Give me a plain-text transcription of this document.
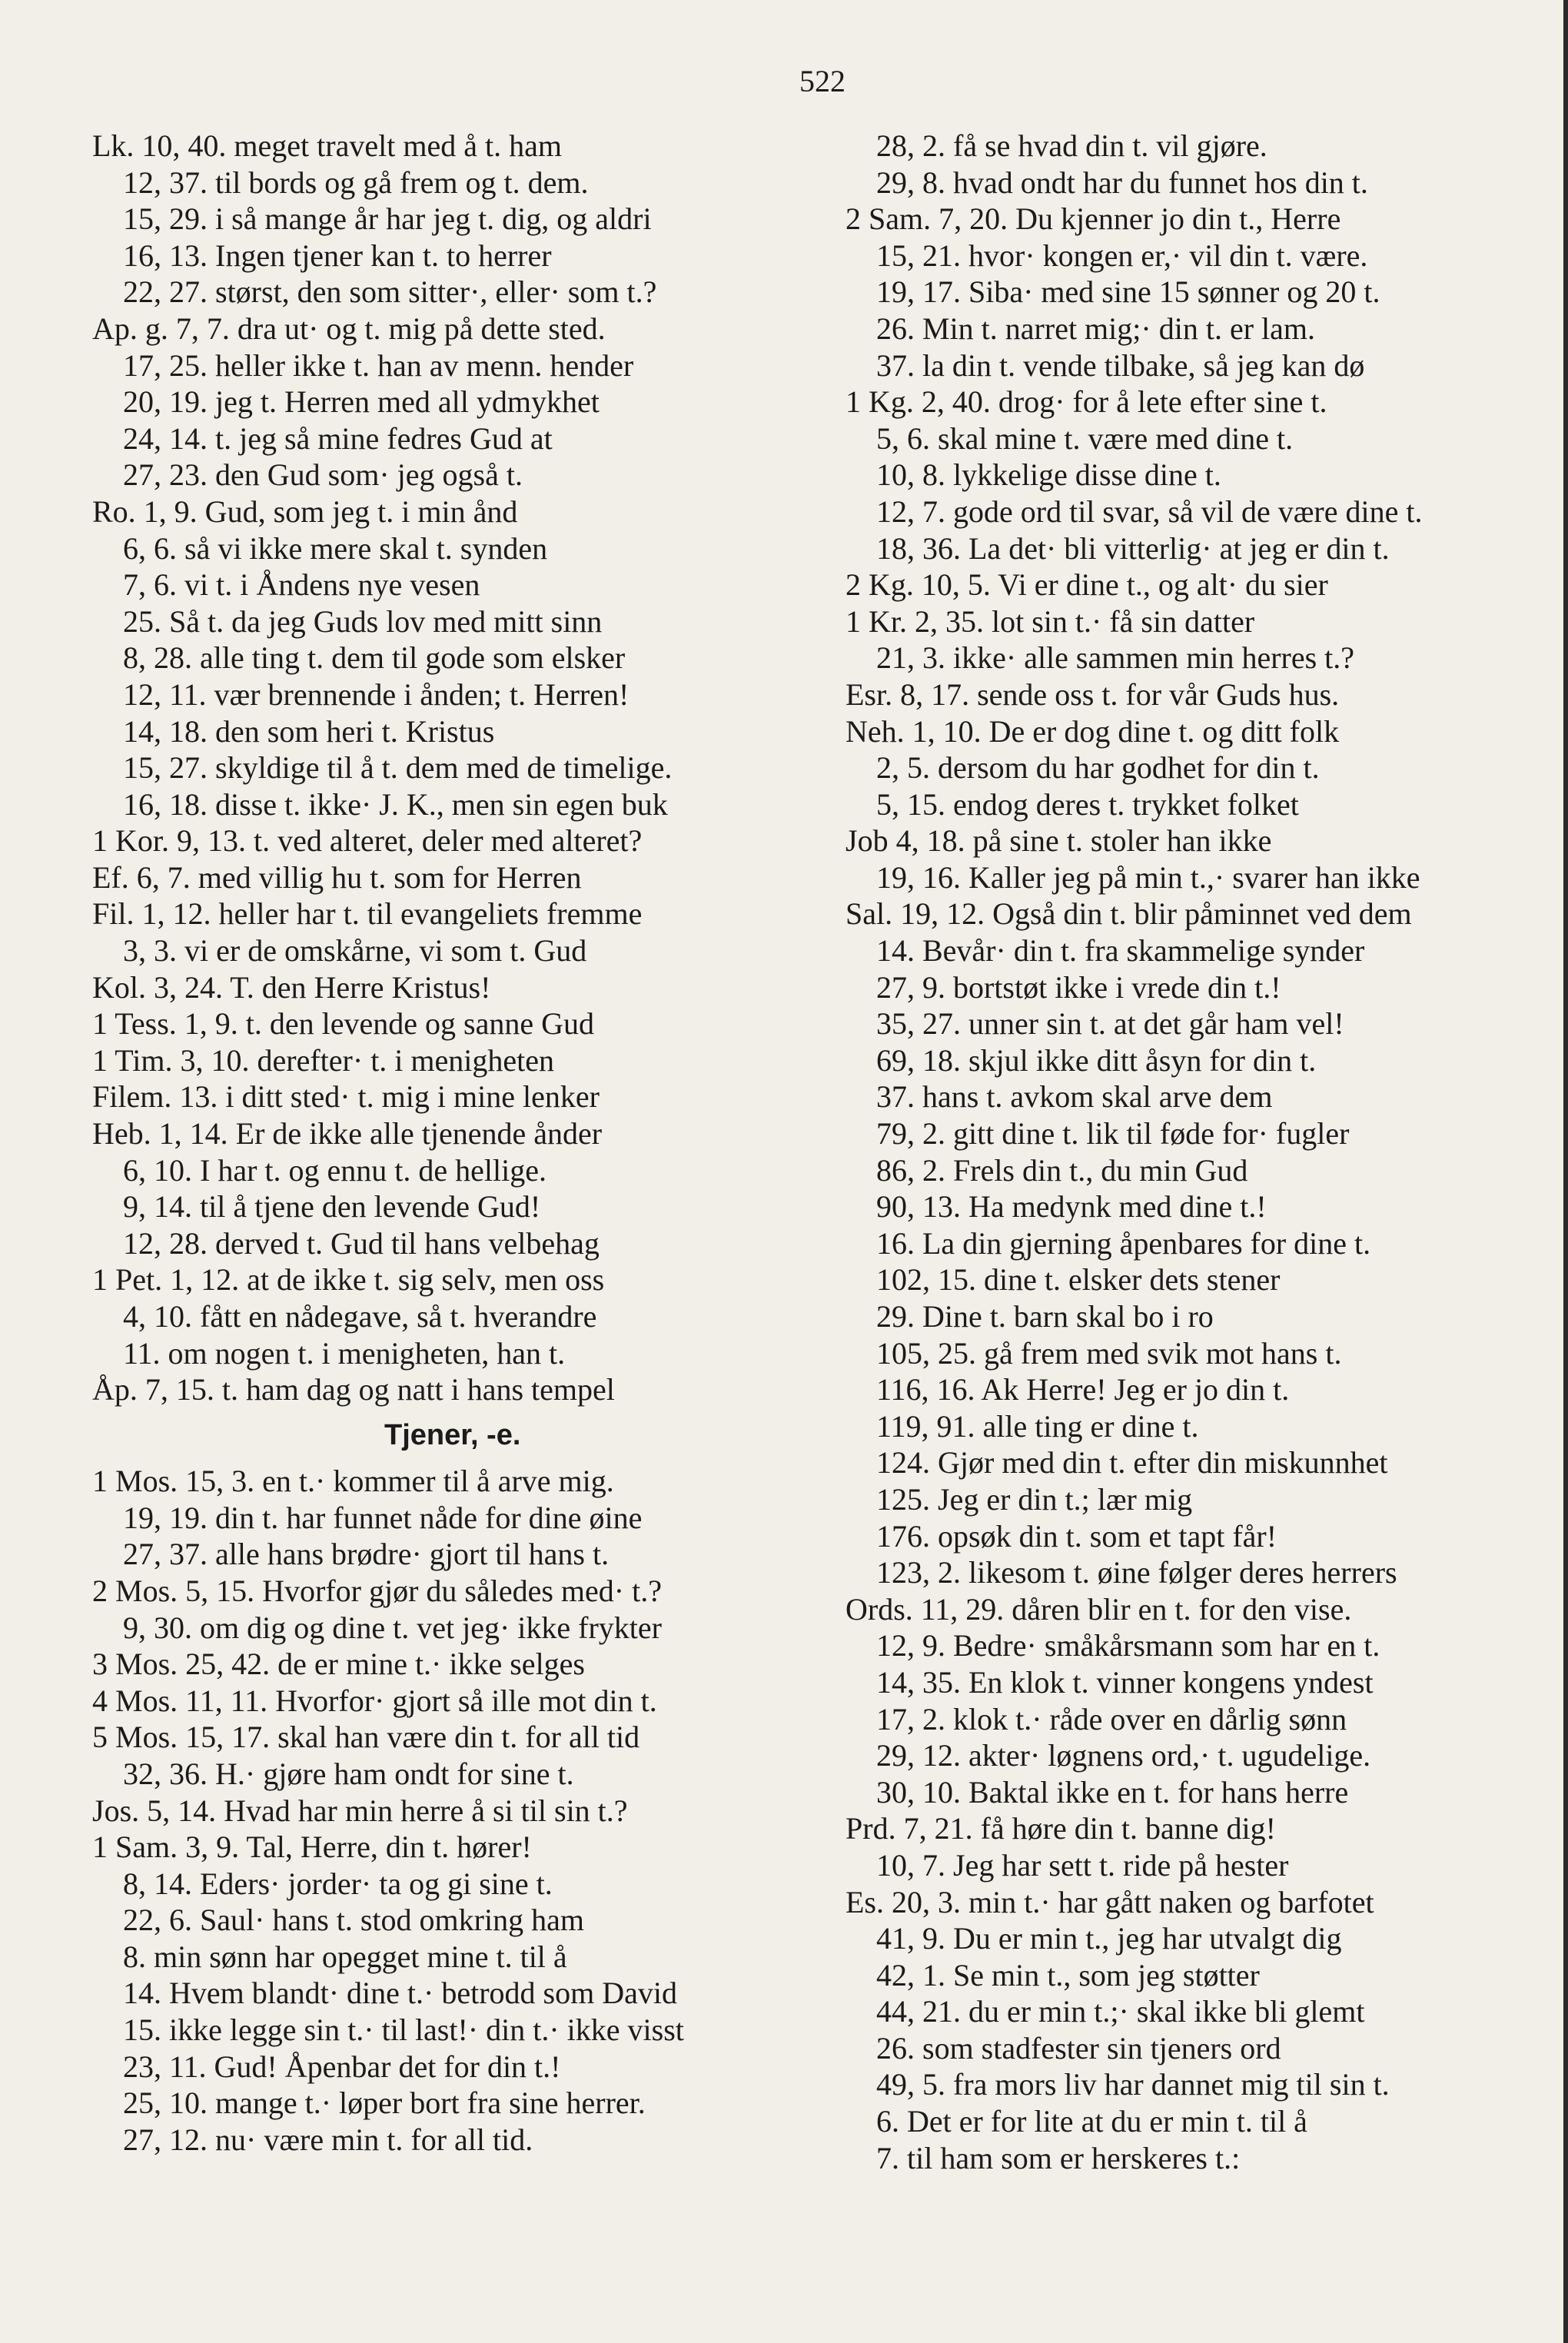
522
Lk. 10, 40. meget travelt med å t. ham
12, 37. til bords og gå frem og t. dem.
15, 29. i så mange år har jeg t. dig, og aldri
16, 13. Ingen tjener kan t. to herrer
22, 27. størst, den som sitter·, eller· som t.?
Ap. g. 7, 7. dra ut· og t. mig på dette sted.
17, 25. heller ikke t. han av menn. hender
20, 19. jeg t. Herren med all ydmykhet
24, 14. t. jeg så mine fedres Gud at
27, 23. den Gud som· jeg også t.
Ro. 1, 9. Gud, som jeg t. i min ånd
6, 6. så vi ikke mere skal t. synden
7, 6. vi t. i Åndens nye vesen
25. Så t. da jeg Guds lov med mitt sinn
8, 28. alle ting t. dem til gode som elsker
12, 11. vær brennende i ånden; t. Herren!
14, 18. den som heri t. Kristus
15, 27. skyldige til å t. dem med de timelige.
16, 18. disse t. ikke· J. K., men sin egen buk
1 Kor. 9, 13. t. ved alteret, deler med alteret?
Ef. 6, 7. med villig hu t. som for Herren
Fil. 1, 12. heller har t. til evangeliets fremme
3, 3. vi er de omskårne, vi som t. Gud
Kol. 3, 24. T. den Herre Kristus!
1 Tess. 1, 9. t. den levende og sanne Gud
1 Tim. 3, 10. derefter· t. i menigheten
Filem. 13. i ditt sted· t. mig i mine lenker
Heb. 1, 14. Er de ikke alle tjenende ånder
6, 10. I har t. og ennu t. de hellige.
9, 14. til å tjene den levende Gud!
12, 28. derved t. Gud til hans velbehag
1 Pet. 1, 12. at de ikke t. sig selv, men oss
4, 10. fått en nådegave, så t. hverandre
11. om nogen t. i menigheten, han t.
Åp. 7, 15. t. ham dag og natt i hans tempel
Tjener, -e.
1 Mos. 15, 3. en t.· kommer til å arve mig.
19, 19. din t. har funnet nåde for dine øine
27, 37. alle hans brødre· gjort til hans t.
2 Mos. 5, 15. Hvorfor gjør du således med· t.?
9, 30. om dig og dine t. vet jeg· ikke frykter
3 Mos. 25, 42. de er mine t.· ikke selges
4 Mos. 11, 11. Hvorfor· gjort så ille mot din t.
5 Mos. 15, 17. skal han være din t. for all tid
32, 36. H.· gjøre ham ondt for sine t.
Jos. 5, 14. Hvad har min herre å si til sin t.?
1 Sam. 3, 9. Tal, Herre, din t. hører!
8, 14. Eders· jorder· ta og gi sine t.
22, 6. Saul· hans t. stod omkring ham
8. min sønn har opegget mine t. til å
14. Hvem blandt· dine t.· betrodd som David
15. ikke legge sin t.· til last!· din t.· ikke visst
23, 11. Gud! Åpenbar det for din t.!
25, 10. mange t.· løper bort fra sine herrer.
27, 12. nu· være min t. for all tid.
28, 2. få se hvad din t. vil gjøre.
29, 8. hvad ondt har du funnet hos din t.
2 Sam. 7, 20. Du kjenner jo din t., Herre
15, 21. hvor· kongen er,· vil din t. være.
19, 17. Siba· med sine 15 sønner og 20 t.
26. Min t. narret mig;· din t. er lam.
37. la din t. vende tilbake, så jeg kan dø
1 Kg. 2, 40. drog· for å lete efter sine t.
5, 6. skal mine t. være med dine t.
10, 8. lykkelige disse dine t.
12, 7. gode ord til svar, så vil de være dine t.
18, 36. La det· bli vitterlig· at jeg er din t.
2 Kg. 10, 5. Vi er dine t., og alt· du sier
1 Kr. 2, 35. lot sin t.· få sin datter
21, 3. ikke· alle sammen min herres t.?
Esr. 8, 17. sende oss t. for vår Guds hus.
Neh. 1, 10. De er dog dine t. og ditt folk
2, 5. dersom du har godhet for din t.
5, 15. endog deres t. trykket folket
Job 4, 18. på sine t. stoler han ikke
19, 16. Kaller jeg på min t.,· svarer han ikke
Sal. 19, 12. Også din t. blir påminnet ved dem
14. Bevår· din t. fra skammelige synder
27, 9. bortstøt ikke i vrede din t.!
35, 27. unner sin t. at det går ham vel!
69, 18. skjul ikke ditt åsyn for din t.
37. hans t. avkom skal arve dem
79, 2. gitt dine t. lik til føde for· fugler
86, 2. Frels din t., du min Gud
90, 13. Ha medynk med dine t.!
16. La din gjerning åpenbares for dine t.
102, 15. dine t. elsker dets stener
29. Dine t. barn skal bo i ro
105, 25. gå frem med svik mot hans t.
116, 16. Ak Herre! Jeg er jo din t.
119, 91. alle ting er dine t.
124. Gjør med din t. efter din miskunnhet
125. Jeg er din t.; lær mig
176. opsøk din t. som et tapt får!
123, 2. likesom t. øine følger deres herrers
Ords. 11, 29. dåren blir en t. for den vise.
12, 9. Bedre· småkårsmann som har en t.
14, 35. En klok t. vinner kongens yndest
17, 2. klok t.· råde over en dårlig sønn
29, 12. akter· løgnens ord,· t. ugudelige.
30, 10. Baktal ikke en t. for hans herre
Prd. 7, 21. få høre din t. banne dig!
10, 7. Jeg har sett t. ride på hester
Es. 20, 3. min t.· har gått naken og barfotet
41, 9. Du er min t., jeg har utvalgt dig
42, 1. Se min t., som jeg støtter
44, 21. du er min t.;· skal ikke bli glemt
26. som stadfester sin tjeners ord
49, 5. fra mors liv har dannet mig til sin t.
6. Det er for lite at du er min t. til å
7. til ham som er herskeres t.:
